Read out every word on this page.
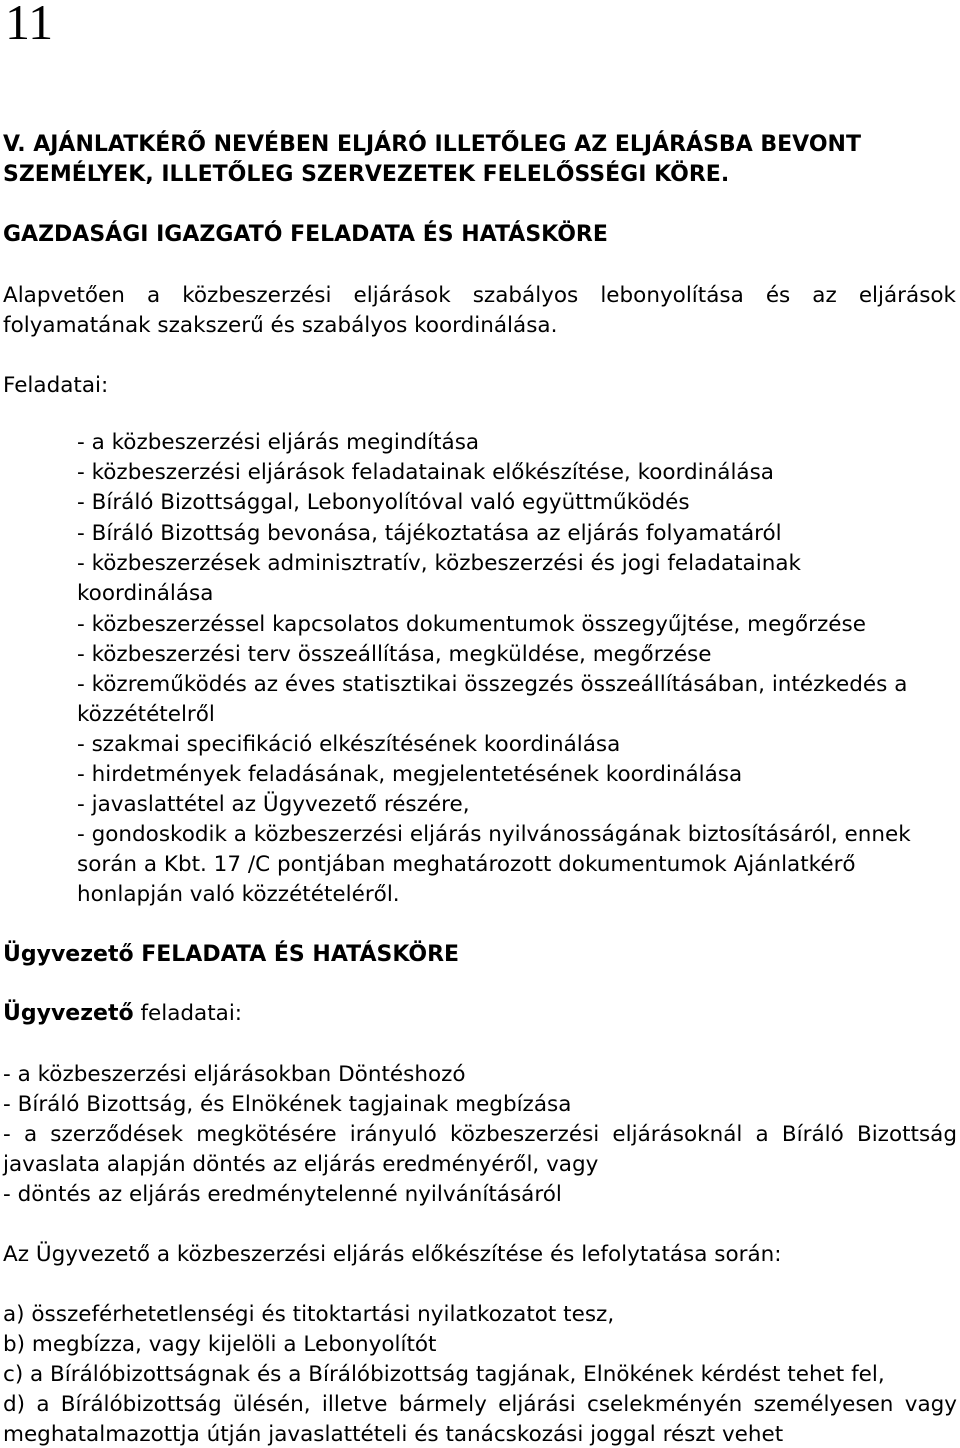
11
V. AJÁNLATKÉRŐ NEVÉBEN ELJÁRÓ ILLETŐLEG AZ ELJÁRÁSBA BEVONT
SZEMÉLYEK, ILLETŐLEG SZERVEZETEK FELELŐSSÉGI KÖRE.
GAZDASÁGI IGAZGATÓ FELADATA ÉS HATÁSKÖRE
Alapvetően a közbeszerzési eljárások szabályos lebonyolítása és az eljárások
folyamatának szakszerű és szabályos koordinálása.
Feladatai:
- a közbeszerzési eljárás megindítása
- közbeszerzési eljárások feladatainak előkészítése, koordinálása
- Bíráló Bizottsággal, Lebonyolítóval való együttműködés
- Bíráló Bizottság bevonása, tájékoztatása az eljárás folyamatáról
- közbeszerzések adminisztratív, közbeszerzési és jogi feladatainak
koordinálása
- közbeszerzéssel kapcsolatos dokumentumok összegyűjtése, megőrzése
- közbeszerzési terv összeállítása, megküldése, megőrzése
- közreműködés az éves statisztikai összegzés összeállításában, intézkedés a
közzétételről
- szakmai specifikáció elkészítésének koordinálása
- hirdetmények feladásának, megjelentetésének koordinálása
- javaslattétel az Ügyvezető részére,
- gondoskodik a közbeszerzési eljárás nyilvánosságának biztosításáról, ennek
során a Kbt. 17 /C pontjában meghatározott dokumentumok Ajánlatkérő
honlapján való közzétételéről.
Ügyvezető FELADATA ÉS HATÁSKÖRE
Ügyvezető feladatai:
- a közbeszerzési eljárásokban Döntéshozó
- Bíráló Bizottság, és Elnökének tagjainak megbízása
- a szerződések megkötésére irányuló közbeszerzési eljárásoknál a Bíráló Bizottság
javaslata alapján döntés az eljárás eredményéről, vagy
- döntés az eljárás eredménytelenné nyilvánításáról
Az Ügyvezető a közbeszerzési eljárás előkészítése és lefolytatása során:
a) összeférhetetlenségi és titoktartási nyilatkozatot tesz,
b) megbízza, vagy kijelöli a Lebonyolítót
c) a Bírálóbizottságnak és a Bírálóbizottság tagjának, Elnökének kérdést tehet fel,
d) a Bírálóbizottság ülésén, illetve bármely eljárási cselekményén személyesen vagy
meghatalmazottja útján javaslattételi és tanácskozási joggal részt vehet
